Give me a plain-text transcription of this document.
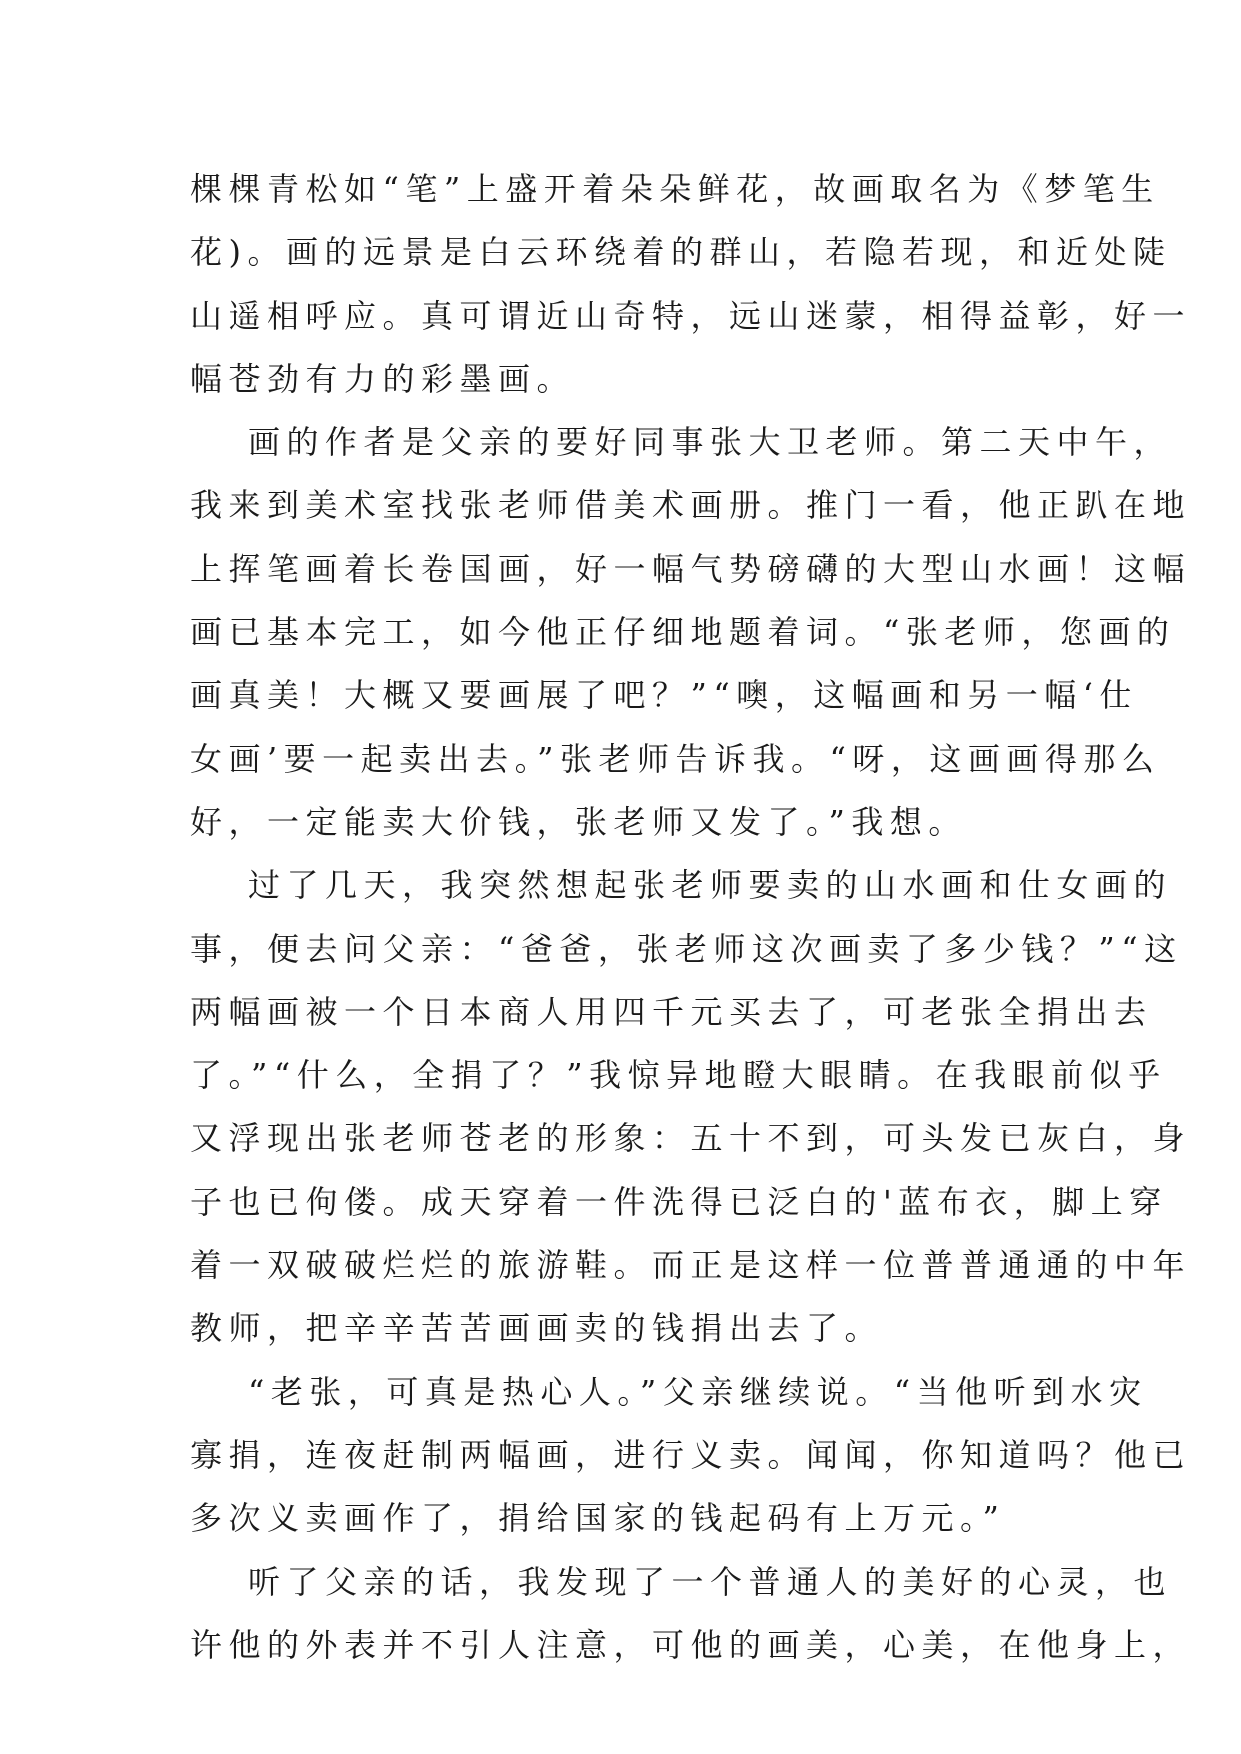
棵棵青松如“笔”上盛开着朵朵鲜花，故画取名为《梦笔生
花)。画的远景是白云环绕着的群山，若隐若现，和近处陡
山遥相呼应。真可谓近山奇特，远山迷蒙，相得益彰，好一
幅苍劲有力的彩墨画。
画的作者是父亲的要好同事张大卫老师。第二天中午，
我来到美术室找张老师借美术画册。推门一看，他正趴在地
上挥笔画着长卷国画，好一幅气势磅礴的大型山水画！这幅
画已基本完工，如今他正仔细地题着词。“张老师，您画的
画真美！大概又要画展了吧？”“噢，这幅画和另一幅‘仕
女画’要一起卖出去。”张老师告诉我。“呀，这画画得那么
好，一定能卖大价钱，张老师又发了。”我想。
过了几天，我突然想起张老师要卖的山水画和仕女画的
事，便去问父亲：“爸爸，张老师这次画卖了多少钱？”“这
两幅画被一个日本商人用四千元买去了，可老张全捐出去
了。”“什么，全捐了？”我惊异地瞪大眼睛。在我眼前似乎
又浮现出张老师苍老的形象：五十不到，可头发已灰白，身
子也已佝偻。成天穿着一件洗得已泛白的'蓝布衣，脚上穿
着一双破破烂烂的旅游鞋。而正是这样一位普普通通的中年
教师，把辛辛苦苦画画卖的钱捐出去了。
“老张，可真是热心人。”父亲继续说。“当他听到水灾
寡捐，连夜赶制两幅画，进行义卖。闻闻，你知道吗？他已
多次义卖画作了，捐给国家的钱起码有上万元。”
听了父亲的话，我发现了一个普通人的美好的心灵，也
许他的外表并不引人注意，可他的画美，心美，在他身上，
